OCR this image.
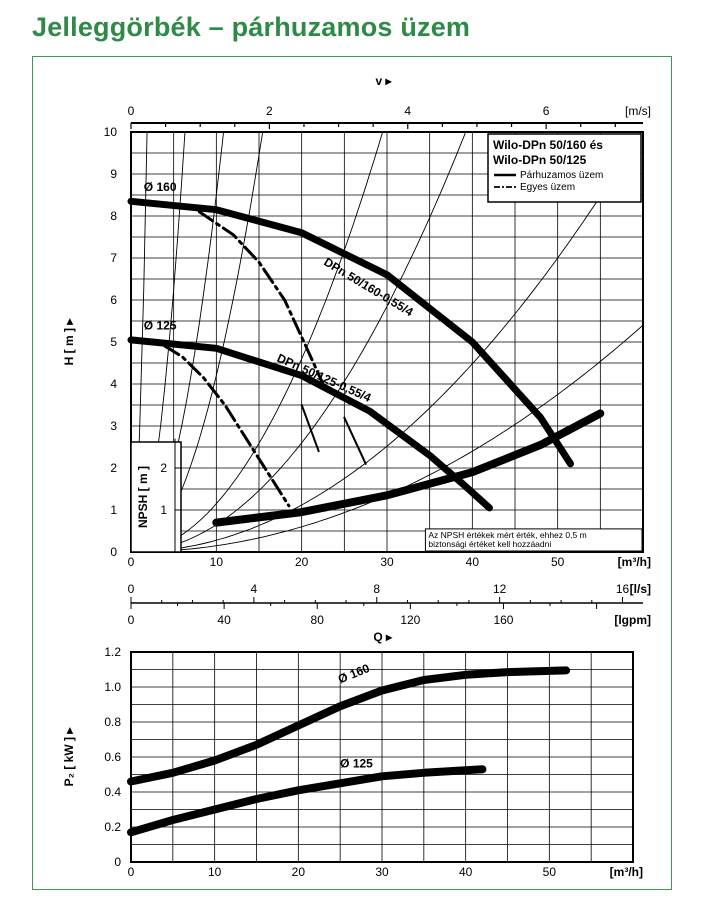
Jelleggörbék – párhuzamos üzem
0
1
2
3
4
5
6
7
8
9
10
0	10	20	30	40	50	[m³/h]
H [ m ] ▸
0	2	4	6
v ▸
[m/s]
0	4	8	12	16 [l/s]
0	40	80	120	160	[lgpm]
Q ▸
DPn 50/160-0,55/4
DPn 50/125-0,55/4
Ø 160
Ø 125
Wilo-DPn 50/160 és
Wilo-DPn 50/125
Párhuzamos üzem
Egyes üzem
1
2
NPSH [ m ]
Az NPSH értékek mért érték, ehhez 0,5 m
biztonsági értéket kell hozzáadni
0
0.2
0.4
0.6
0.8
1.0
1.2
0	10	20	30	40	50	[m³/h]
P₂ [ kW ] ▸
Ø 160
Ø 125
